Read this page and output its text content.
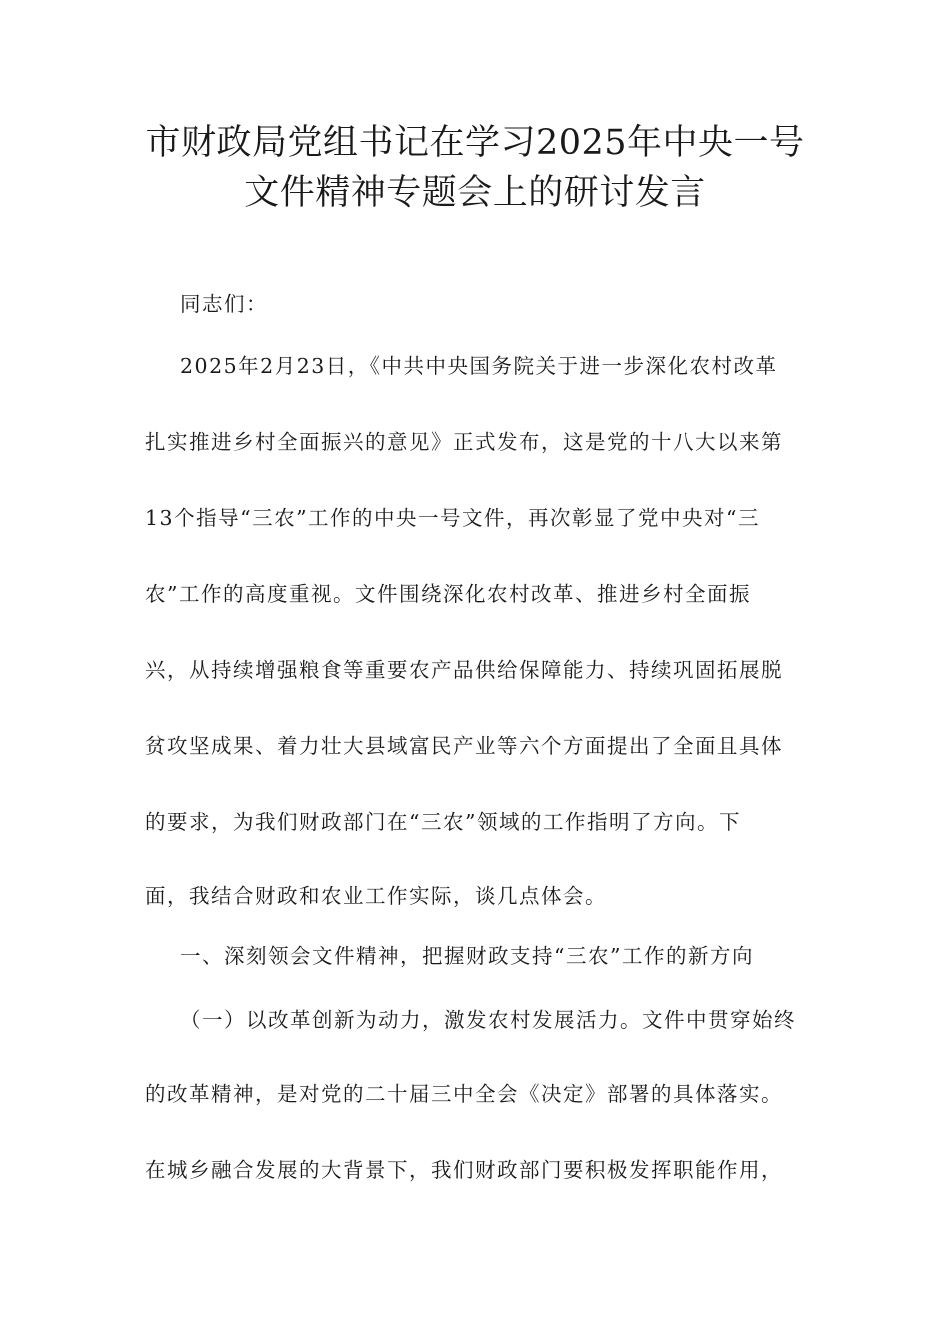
市财政局党组书记在学习2025年中央一号
文件精神专题会上的研讨发言
同志们：
2025年2月23日，《中共中央国务院关于进一步深化农村改革
扎实推进乡村全面振兴的意见》正式发布，这是党的十八大以来第
13个指导“三农”工作的中央一号文件，再次彰显了党中央对“三
农”工作的高度重视。文件围绕深化农村改革、推进乡村全面振
兴，从持续增强粮食等重要农产品供给保障能力、持续巩固拓展脱
贫攻坚成果、着力壮大县域富民产业等六个方面提出了全面且具体
的要求，为我们财政部门在“三农”领域的工作指明了方向。下
面，我结合财政和农业工作实际，谈几点体会。
一、深刻领会文件精神，把握财政支持“三农”工作的新方向
（一）以改革创新为动力，激发农村发展活力。文件中贯穿始终
的改革精神，是对党的二十届三中全会《决定》部署的具体落实。
在城乡融合发展的大背景下，我们财政部门要积极发挥职能作用，
